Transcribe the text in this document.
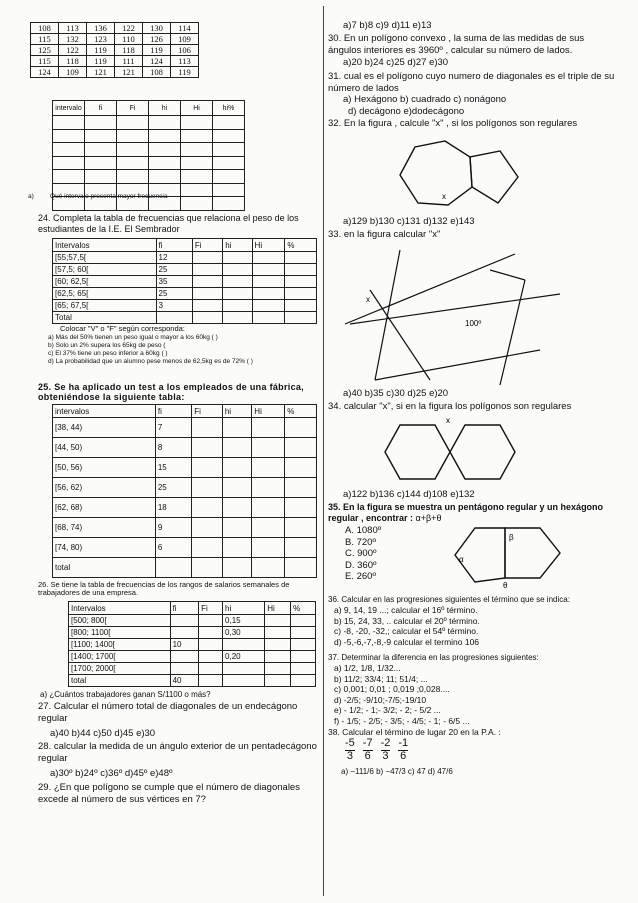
108	113	136	122	130	114
115	132	123	110	126	109
125	122	119	118	119	106
115	118	119	111	124	113
124	109	121	121	108	119
intervalo	fi	Fi	hi	Hi	hi%

a)	Qué intervalo presenta mayor frecuencia
24. Completa la tabla de frecuencias que relaciona el peso de los estudiantes de la I.E. El Sembrador
Intervalos	fi	Fi	hi	Hi	%
[55;57,5[	12				
[57,5; 60[	25				
[60; 62,5[	35				
[62,5; 65[	25				
[65; 67,5[	3				
Total					
Colocar "V" o "F" según corresponda:
a) Más del 50% tienen un peso igual o mayor a los 60kg ( )
b) Solo un 2% supera los 65kg de peso (
c) El 37% tiene un peso inferior a 60kg ( )
d) La probabilidad que un alumno pese menos de 62,5kg es de 72% ( )
25. Se ha aplicado un test a los empleados de una fábrica, obteniéndose la siguiente tabla:
intervalos	fi	Fi	hi	Hi	%
[38, 44)	7				
[44, 50)	8				
[50, 56)	15				
[56, 62)	25				
[62, 68)	18				
[68, 74)	9				
[74, 80)	6				
total					
26. Se tiene la tabla de frecuencias de los rangos de salarios semanales de trabajadores de una empresa.
Intervalos	fi	Fi	hi	Hi	%
[500; 800[			0,15		
[800; 1100[			0,30		
[1100; 1400[	10				
[1400; 1700[			0,20		
[1700; 2000[					
total	40				
a) ¿Cuántos trabajadores ganan S/1100 o más?
27. Calcular el número total de diagonales de un endecágono regular
a)40 b)44 c)50 d)45 e)30
28. calcular la medida de un ángulo exterior de un pentadecágono regular
a)30º b)24º c)36º d)45º e)48º
29. ¿En que polígono se cumple que el número de diagonales excede al número de sus vértices en 7?
a)7 b)8 c)9 d)11 e)13
30. En un polígono convexo , la suma de las medidas de sus ángulos interiores es 3960º , calcular su número de lados.
a)20 b)24 c)25 d)27 e)30
31. cual es el polígono cuyo numero de diagonales es el triple de su número de lados
a) Hexágono b) cuadrado c) nonágono
d) decágono e)dodecágono
32. En la figura , calcule "x" , si los polígonos son regulares
x
a)129 b)130 c)131 d)132 e)143
33. en la figura calcular "x"
100º
x
a)40 b)35 c)30 d)25 e)20
34. calcular "x", si en la figura los polígonos son regulares
x
a)122 b)136 c)144 d)108 e)132
35. En la figura se muestra un pentágono regular y un hexágono regular , encontrar : α+β+θ
A. 1080º
B. 720º
C. 900º
D. 360º
E. 260º
α
β
θ
36. Calcular en las progresiones siguientes el término que se indica:
a) 9, 14, 19 ...; calcular el 16º término.
b) 15, 24, 33, .. calcular el 20º término.
c) -8, -20, -32,; calcular el 54º término.
d) -5,-6,-7,-8,-9 calcular el termino 106
37. Determinar la diferencia en las progresiones siguientes:
a) 1/2, 1/8, 1/32...
b) 11/2; 33/4; 11; 51/4; ...
c) 0,001; 0,01 ; 0,019 ;0,028....
d) -2/5; -9/10;-7/5;-19/10
e) - 1/2; - 1;- 3/2; - 2; - 5/2 ...
f) - 1/5; - 2/5; - 3/5; - 4/5; - 1; - 6/5 ...
38. Calcular el término de lugar 20 en la P.A. :
$\frac{-5}{3} \frac{-7}{6} \frac{-2}{3} \frac{-1}{6}$
a) −111/6 b) −47/3 c) 47 d) 47/6
